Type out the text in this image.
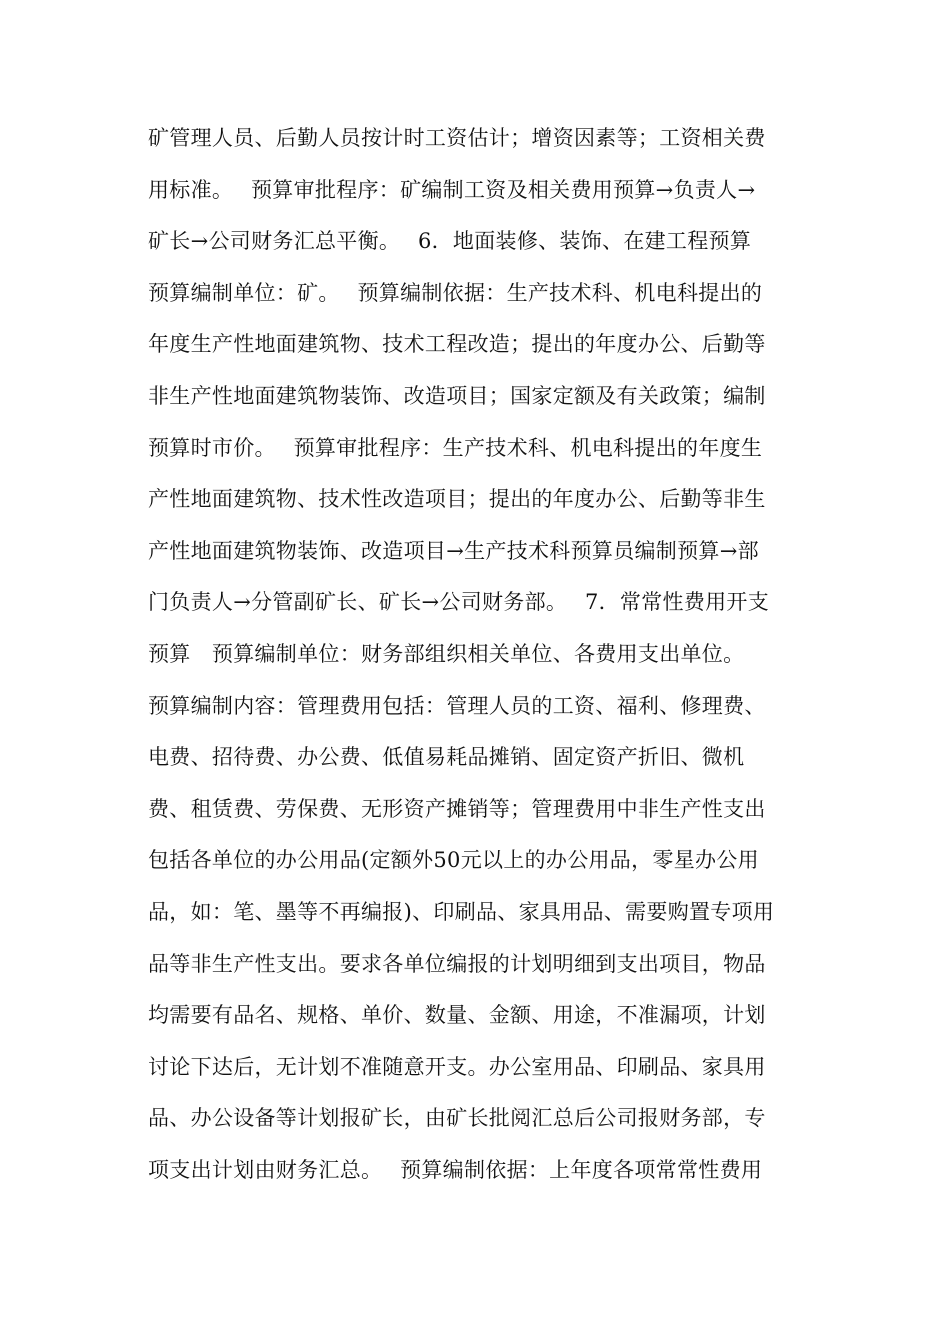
矿管理人员、后勤人员按计时工资估计；增资因素等；工资相关费
用标准。　 预算审批程序：矿编制工资及相关费用预算→负责人→
矿长→公司财务汇总平衡。　 6．地面装修、装饰、在建工程预算
预算编制单位：矿。　 预算编制依据：生产技术科、机电科提出的
年度生产性地面建筑物、技术工程改造；提出的年度办公、后勤等
非生产性地面建筑物装饰、改造项目；国家定额及有关政策；编制
预算时市价。　 预算审批程序：生产技术科、机电科提出的年度生
产性地面建筑物、技术性改造项目；提出的年度办公、后勤等非生
产性地面建筑物装饰、改造项目→生产技术科预算员编制预算→部
门负责人→分管副矿长、矿长→公司财务部。　 7．常常性费用开支
预算　预算编制单位：财务部组织相关单位、各费用支出单位。
预算编制内容：管理费用包括：管理人员的工资、福利、修理费、
电费、招待费、办公费、低值易耗品摊销、固定资产折旧、微机
费、租赁费、劳保费、无形资产摊销等；管理费用中非生产性支出
包括各单位的办公用品(定额外50元以上的办公用品，零星办公用
品，如：笔、墨等不再编报)、印刷品、家具用品、需要购置专项用
品等非生产性支出。要求各单位编报的计划明细到支出项目，物品
均需要有品名、规格、单价、数量、金额、用途，不准漏项，计划
讨论下达后，无计划不准随意开支。办公室用品、印刷品、家具用
品、办公设备等计划报矿长，由矿长批阅汇总后公司报财务部，专
项支出计划由财务汇总。　 预算编制依据：上年度各项常常性费用
